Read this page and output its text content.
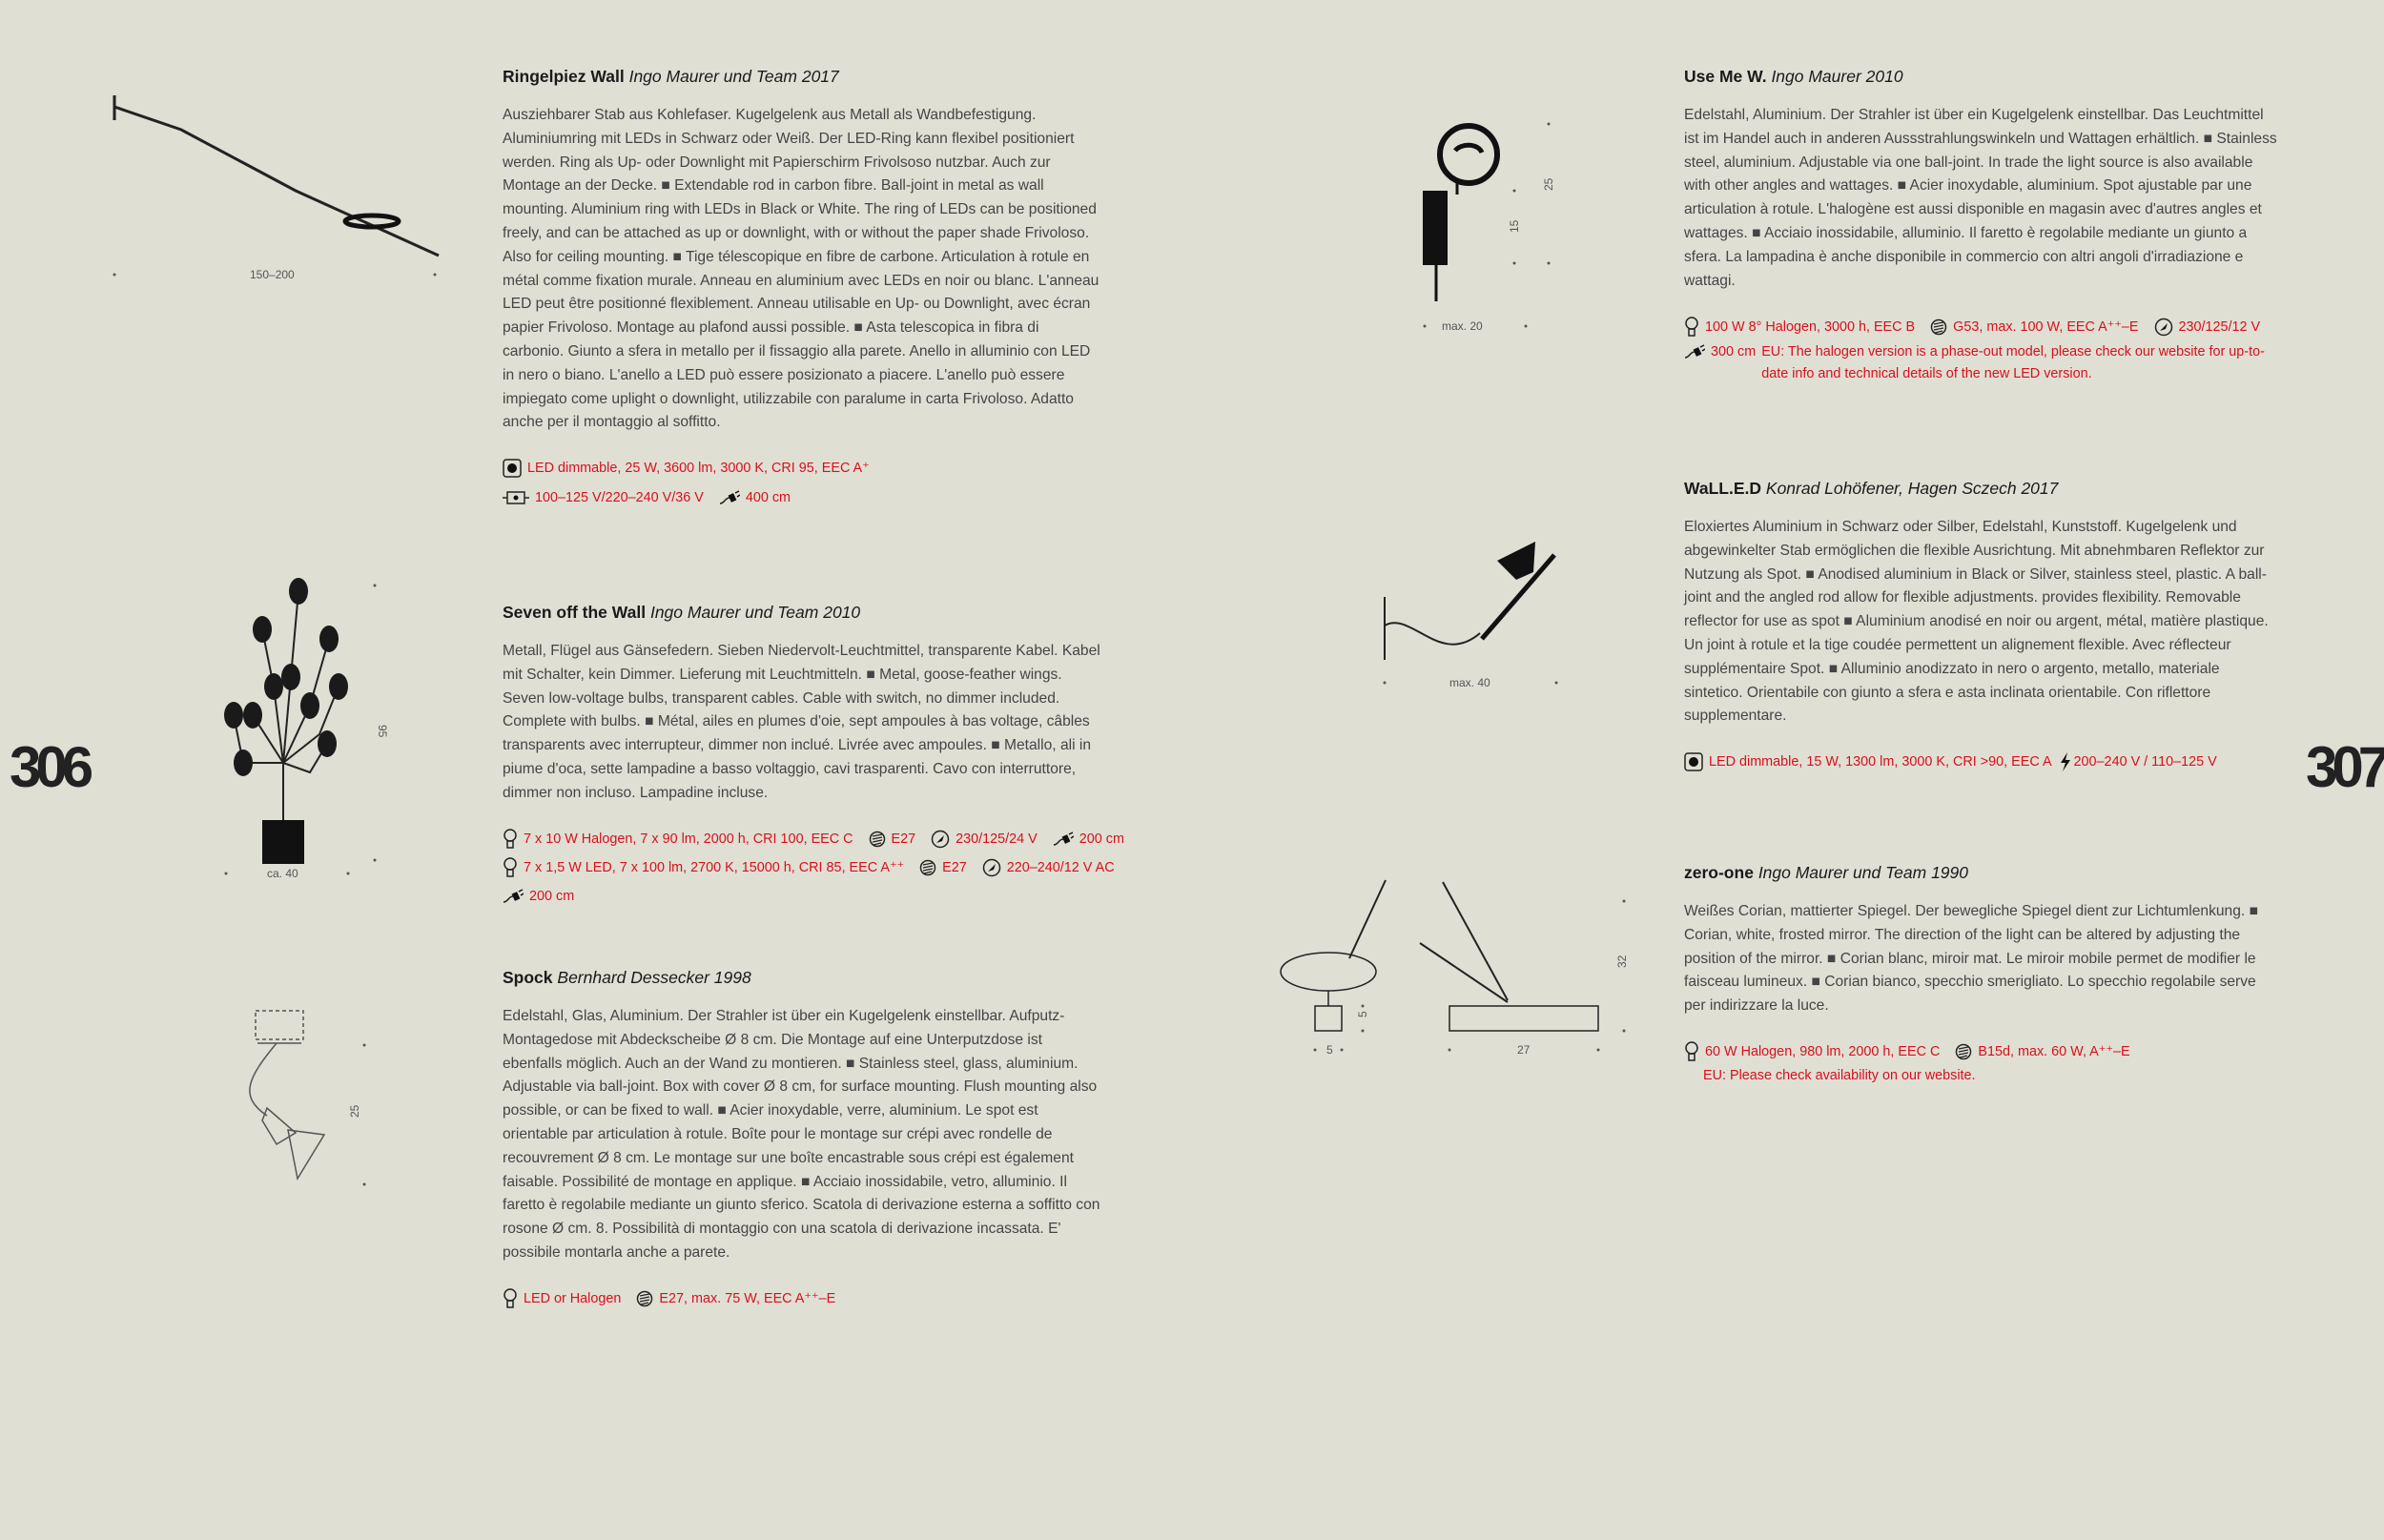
306	307
150–200
95
ca. 40
25
25
15
max. 20
max. 40
5
5
27
32
Ringelpiez Wall Ingo Maurer und Team 2017

Ausziehbarer Stab aus Kohlefaser. Kugelgelenk aus Metall als Wandbefestigung. Aluminiumring mit LEDs in Schwarz oder Weiß. Der LED-Ring kann flexibel positioniert werden. Ring als Up- oder Downlight mit Papierschirm Frivolsoso nutzbar. Auch zur Montage an der Decke. ■ Extendable rod in carbon fibre. Ball-joint in metal as wall mounting. Aluminium ring with LEDs in Black or White. The ring of LEDs can be positioned freely, and can be attached as up or downlight, with or without the paper shade Frivoloso. Also for ceiling mounting. ■ Tige télescopique en fibre de carbone. Articulation à rotule en métal comme fixation murale. Anneau en aluminium avec LEDs en noir ou blanc. L'anneau LED peut être positionné flexiblement. Anneau utilisable en Up- ou Downlight, avec écran papier Frivoloso. Montage au plafond aussi possible. ■ Asta telescopica in fibra di carbonio. Giunto a sfera in metallo per il fissaggio alla parete. Anello in alluminio con LED in nero o biano. L'anello a LED può essere posizionato a piacere. L'anello può essere impiegato come uplight o downlight, utilizzabile con paralume in carta Frivoloso. Adatto anche per il montaggio al soffitto.

LED dimmable, 25 W, 3600 lm, 3000 K, CRI 95, EEC A⁺
100–125 V/220–240 V/36 V
	400 cm
Seven off the Wall Ingo Maurer und Team 2010

Metall, Flügel aus Gänsefedern. Sieben Niedervolt-Leuchtmittel, transparente Kabel. Kabel mit Schalter, kein Dimmer. Lieferung mit Leuchtmitteln. ■ Metal, goose-feather wings. Seven low-voltage bulbs, transparent cables. Cable with switch, no dimmer included. Complete with bulbs. ■ Métal, ailes en plumes d'oie, sept ampoules à bas voltage, câbles transparents avec interrupteur, dimmer non inclué. Livrée avec ampoules. ■ Metallo, ali in piume d'oca, sette lampadine a basso voltaggio, cavi trasparenti. Cavo con interruttore, dimmer non incluso. Lampadine incluse.

7 x 10 W Halogen, 7 x 90 lm, 2000 h, CRI 100, EEC C
	E27
	230/125/24 V
	200 cm
7 x 1,5 W LED, 7 x 100 lm, 2700 K, 15000 h, CRI 85, EEC A⁺⁺
	E27
	220–240/12 V AC
200 cm
Spock Bernhard Dessecker 1998

Edelstahl, Glas, Aluminium. Der Strahler ist über ein Kugelgelenk einstellbar. Aufputz-Montagedose mit Abdeckscheibe Ø 8 cm. Die Montage auf eine Unterputzdose ist ebenfalls möglich. Auch an der Wand zu montieren. ■ Stainless steel, glass, aluminium. Adjustable via ball-joint. Box with cover Ø 8 cm, for surface mounting. Flush mounting also possible, or can be fixed to wall. ■ Acier inoxydable, verre, aluminium. Le spot est orientable par articulation à rotule. Boîte pour le montage sur crépi avec rondelle de recouvrement Ø 8 cm. Le montage sur une boîte encastrable sous crépi est également faisable. Possibilité de montage en applique. ■ Acciaio inossidabile, vetro, alluminio. Il faretto è regolabile mediante un giunto sferico. Scatola di derivazione esterna a soffitto con rosone Ø cm. 8. Possibilità di montaggio con una scatola di derivazione incassata. E' possibile montarla anche a parete.

LED or Halogen
	E27, max. 75 W, EEC A⁺⁺–E
Use Me W. Ingo Maurer 2010

Edelstahl, Aluminium. Der Strahler ist über ein Kugelgelenk einstellbar. Das Leuchtmittel ist im Handel auch in anderen Aussstrahlungswinkeln und Wattagen erhältlich. ■ Stainless steel, aluminium. Adjustable via one ball-joint. In trade the light source is also available with other angles and wattages. ■ Acier inoxydable, aluminium. Spot ajustable par une articulation à rotule. L'halogène est aussi disponible en magasin avec d'autres angles et wattages. ■ Acciaio inossidabile, alluminio. Il faretto è regolabile mediante un giunto a sfera. La lampadina è anche disponibile in commercio con altri angoli d'irradiazione e wattagi.

100 W 8° Halogen, 3000 h, EEC B
	G53, max. 100 W, EEC A⁺⁺–E
	230/125/12 V
300 cm EU: The halogen version is a phase-out model, please check our website for up-to-date info and technical details of the new LED version.
WaLL.E.D Konrad Lohöfener, Hagen Sczech 2017

Eloxiertes Aluminium in Schwarz oder Silber, Edelstahl, Kunststoff. Kugelgelenk und abgewinkelter Stab ermöglichen die flexible Ausrichtung. Mit abnehmbaren Reflektor zur Nutzung als Spot. ■ Anodised aluminium in Black or Silver, stainless steel, plastic. A ball-joint and the angled rod allow for flexible adjustments. provides flexibility. Removable reflector for use as spot ■ Aluminium anodisé en noir ou argent, métal, matière plastique. Un joint à rotule et la tige coudée permettent un alignement flexible. Avec réflecteur supplémentaire Spot. ■ Alluminio anodizzato in nero o argento, metallo, materiale sintetico. Orientabile con giunto a sfera e asta inclinata orientabile. Con riflettore supplementare.

LED dimmable, 15 W, 1300 lm, 3000 K, CRI >90, EEC A
200–240 V / 110–125 V
zero-one Ingo Maurer und Team 1990

Weißes Corian, mattierter Spiegel. Der bewegliche Spiegel dient zur Lichtumlenkung. ■ Corian, white, frosted mirror. The direction of the light can be altered by adjusting the position of the mirror. ■ Corian blanc, miroir mat. Le miroir mobile permet de modifier le faisceau lumineux. ■ Corian bianco, specchio smerigliato. Lo specchio regolabile serve per indirizzare la luce.

60 W Halogen, 980 lm, 2000 h, EEC C
	B15d, max. 60 W, A⁺⁺–E
EU: Please check availability on our website.
